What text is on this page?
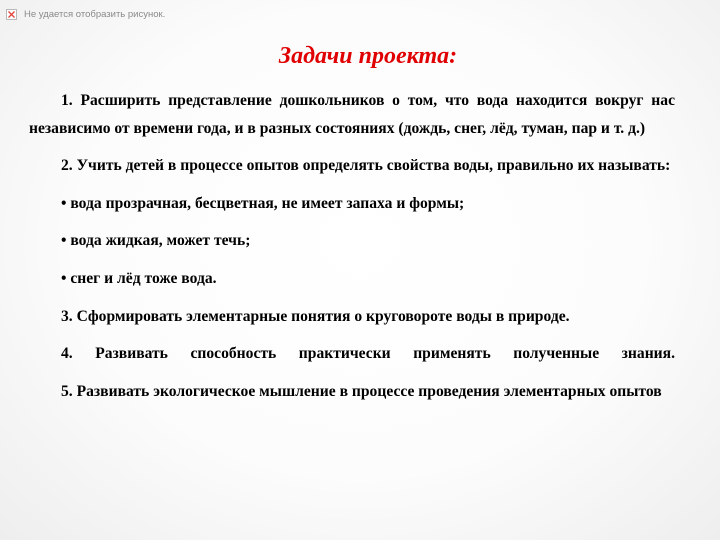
Не удается отобразить рисунок.
Задачи проекта:

1. Расширить представление дошкольников о том, что вода находится вокруг нас независимо от времени года, и в разных состояниях (дождь, снег, лёд, туман, пар и т. д.)

2. Учить детей в процессе опытов определять свойства воды, правильно их называть:

• вода прозрачная, бесцветная, не имеет запаха и формы;

• вода жидкая, может течь;

• снег и лёд тоже вода.

3. Сформировать элементарные понятия о круговороте воды в природе.

4. Развивать способность практически применять полученные знания.

5. Развивать экологическое мышление в процессе проведения элементарных опытов
